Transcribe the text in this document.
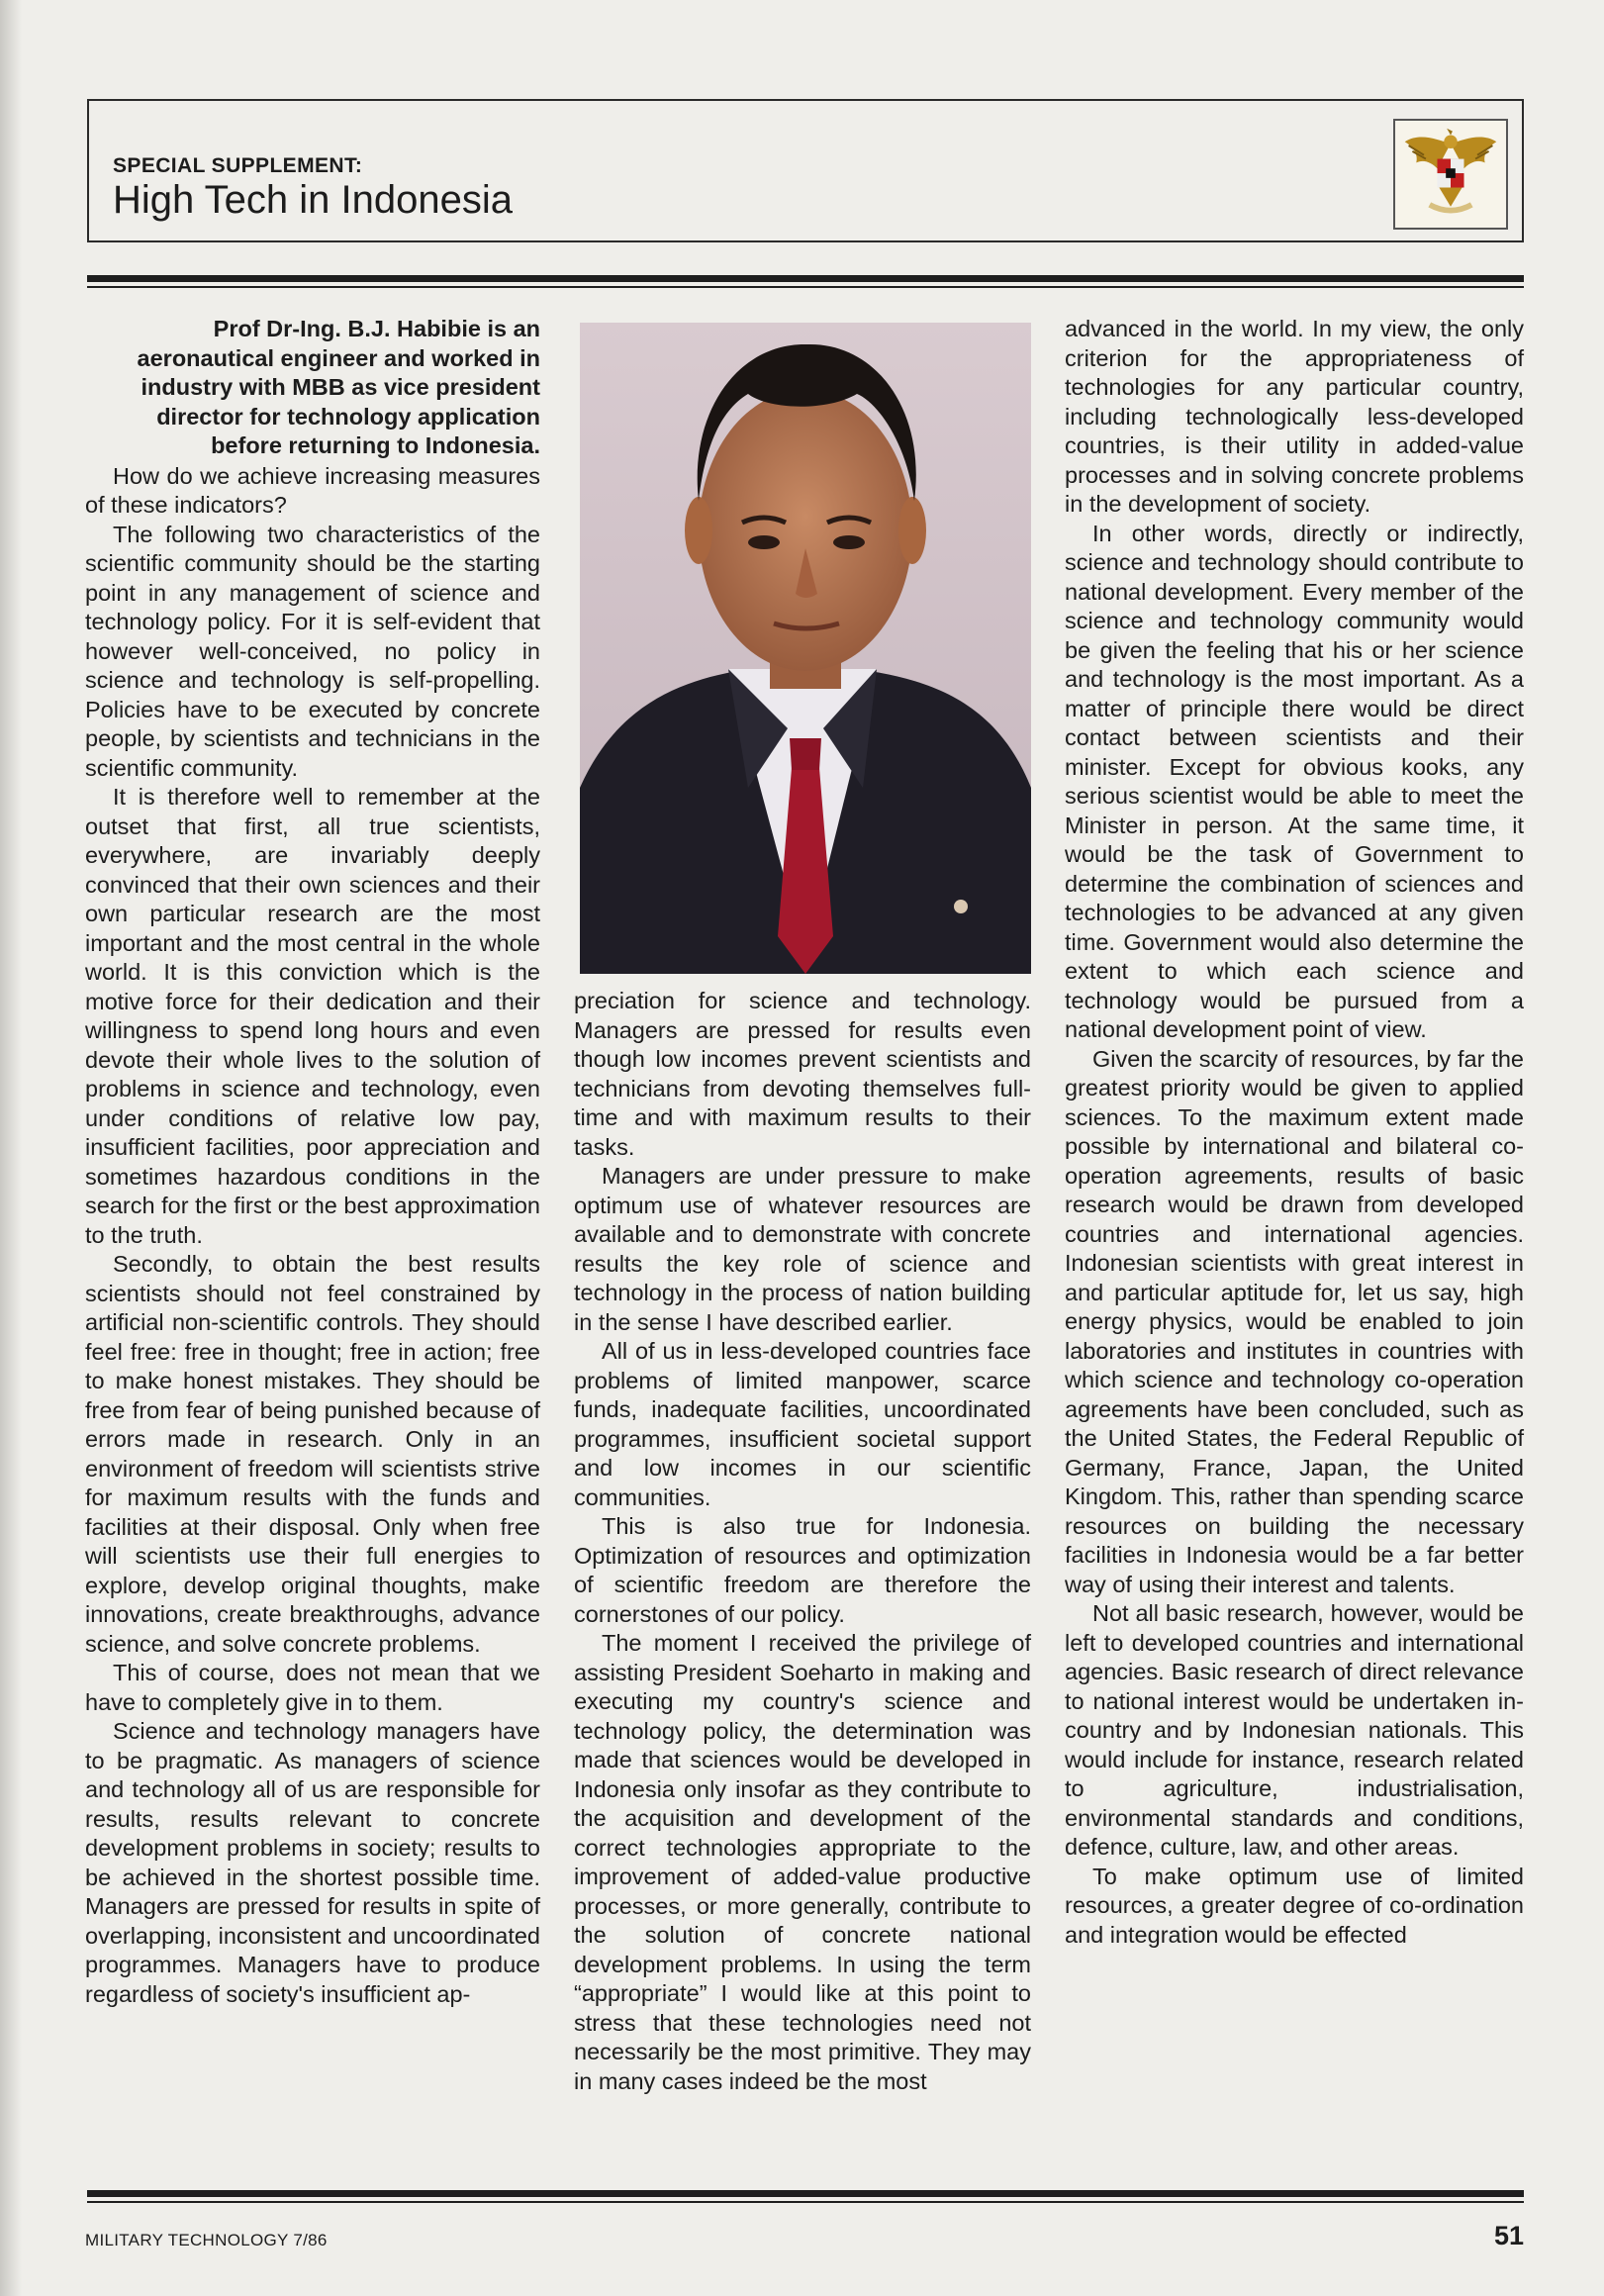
SPECIAL SUPPLEMENT:
High Tech in Indonesia

Prof Dr-Ing. B.J. Habibie is an aeronautical engineer and worked in industry with MBB as vice president director for technology application before returning to Indonesia.

How do we achieve increasing measures of these indicators?

The following two characteristics of the scientific community should be the starting point in any management of science and technology policy. For it is self-evident that however well-conceived, no policy in science and technology is self-propelling. Policies have to be executed by concrete people, by scientists and technicians in the scientific community.

It is therefore well to remember at the outset that first, all true scientists, everywhere, are invariably deeply convinced that their own sciences and their own particular research are the most important and the most central in the whole world. It is this conviction which is the motive force for their dedication and their willingness to spend long hours and even devote their whole lives to the solution of problems in science and technology, even under conditions of relative low pay, insufficient facilities, poor appreciation and sometimes hazardous conditions in the search for the first or the best approximation to the truth.

Secondly, to obtain the best results scientists should not feel constrained by artificial non-scientific controls. They should feel free: free in thought; free in action; free to make honest mistakes. They should be free from fear of being punished because of errors made in research. Only in an environment of freedom will scientists strive for maximum results with the funds and facilities at their disposal. Only when free will scientists use their full energies to explore, develop original thoughts, make innovations, create breakthroughs, advance science, and solve concrete problems.

This of course, does not mean that we have to completely give in to them.

Science and technology managers have to be pragmatic. As managers of science and technology all of us are responsible for results, results relevant to concrete development problems in society; results to be achieved in the shortest possible time. Managers are pressed for results in spite of overlapping, inconsistent and uncoordinated programmes. Managers have to produce regardless of society's insufficient ap-

preciation for science and technology. Managers are pressed for results even though low incomes prevent scientists and technicians from devoting themselves full-time and with maximum results to their tasks.

Managers are under pressure to make optimum use of whatever resources are available and to demonstrate with concrete results the key role of science and technology in the process of nation building in the sense I have described earlier.

All of us in less-developed countries face problems of limited manpower, scarce funds, inadequate facilities, uncoordinated programmes, insufficient societal support and low incomes in our scientific communities.

This is also true for Indonesia. Optimization of resources and optimization of scientific freedom are therefore the cornerstones of our policy.

The moment I received the privilege of assisting President Soeharto in making and executing my country's science and technology policy, the determination was made that sciences would be developed in Indonesia only insofar as they contribute to the acquisition and development of the correct technologies appropriate to the improvement of added-value productive processes, or more generally, contribute to the solution of concrete national development problems. In using the term “appropriate” I would like at this point to stress that these technologies need not necessarily be the most primitive. They may in many cases indeed be the most

advanced in the world. In my view, the only criterion for the appropriateness of technologies for any particular country, including technologically less-developed countries, is their utility in added-value processes and in solving concrete problems in the development of society.

In other words, directly or indirectly, science and technology should contribute to national development. Every member of the science and technology community would be given the feeling that his or her science and technology is the most important. As a matter of principle there would be direct contact between scientists and their minister. Except for obvious kooks, any serious scientist would be able to meet the Minister in person. At the same time, it would be the task of Government to determine the combination of sciences and technologies to be advanced at any given time. Government would also determine the extent to which each science and technology would be pursued from a national development point of view.

Given the scarcity of resources, by far the greatest priority would be given to applied sciences. To the maximum extent made possible by international and bilateral co-operation agreements, results of basic research would be drawn from developed countries and international agencies. Indonesian scientists with great interest in and particular aptitude for, let us say, high energy physics, would be enabled to join laboratories and institutes in countries with which science and technology co-operation agreements have been concluded, such as the United States, the Federal Republic of Germany, France, Japan, the United Kingdom. This, rather than spending scarce resources on building the necessary facilities in Indonesia would be a far better way of using their interest and talents.

Not all basic research, however, would be left to developed countries and international agencies. Basic research of direct relevance to national interest would be undertaken in-country and by Indonesian nationals. This would include for instance, research related to agriculture, industrialisation, environmental standards and conditions, defence, culture, law, and other areas.

To make optimum use of limited resources, a greater degree of co-ordination and integration would be effected

MILITARY TECHNOLOGY 7/86	51
